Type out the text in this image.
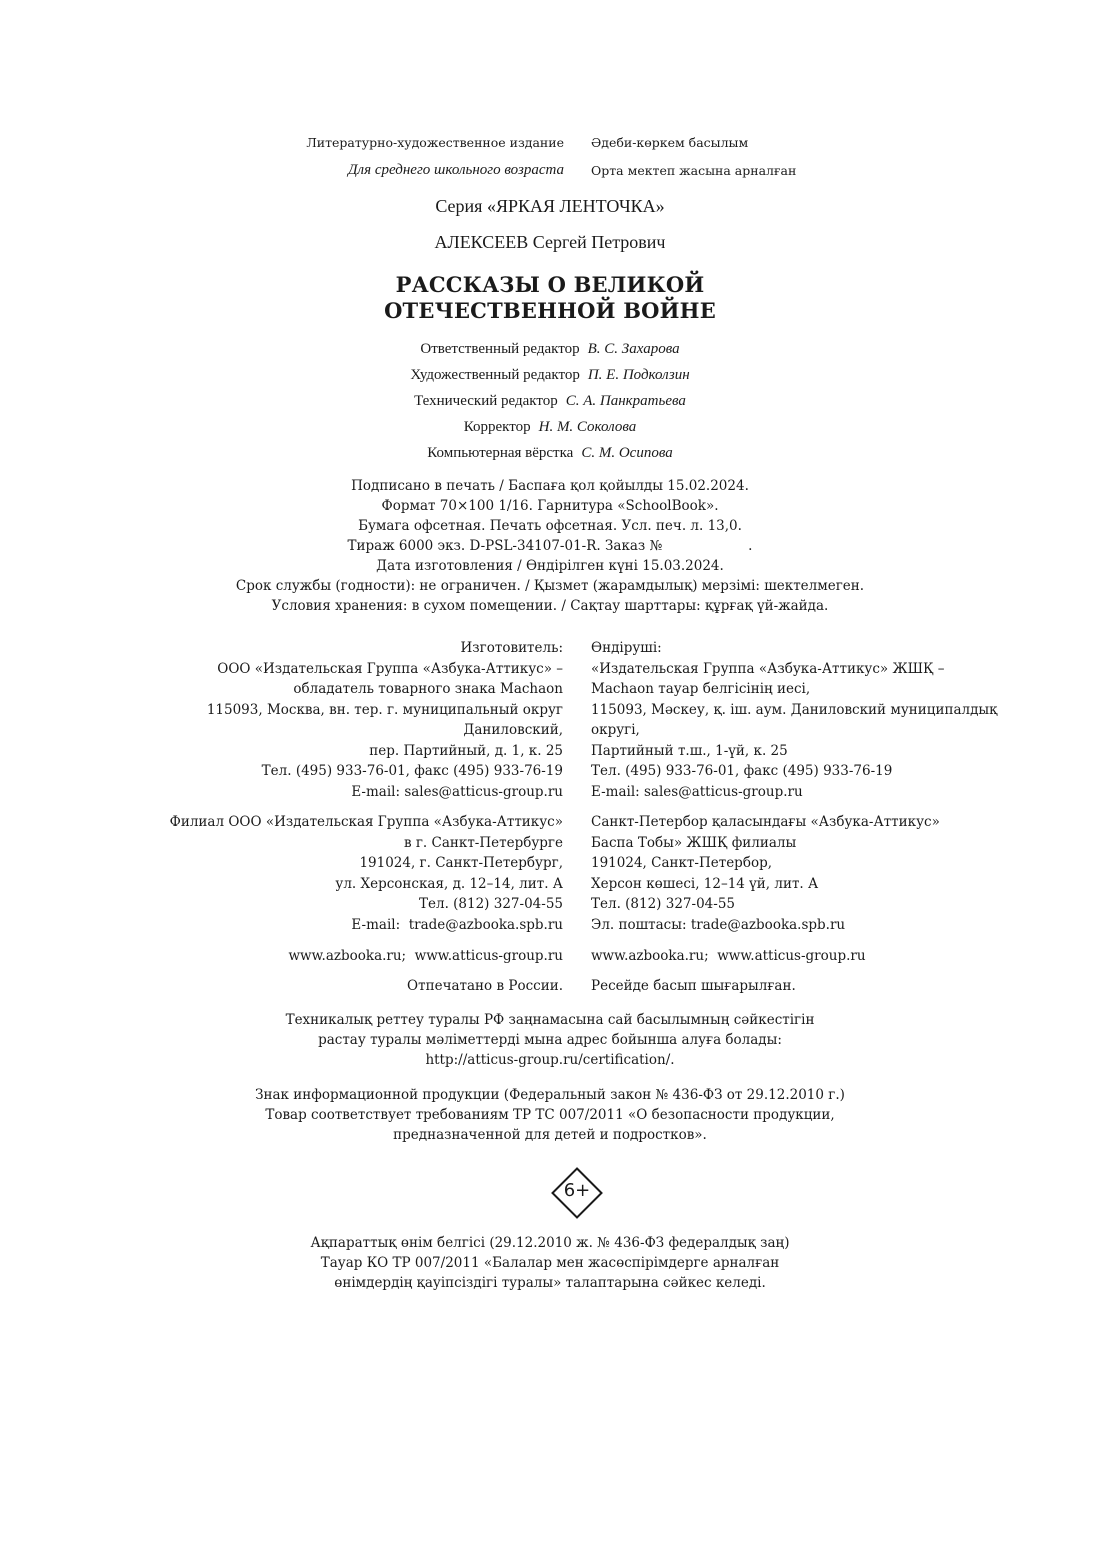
Литературно-художественное издание Әдеби-көркем басылым
Для среднего школьного возраста Орта мектеп жасына арналған
Серия «ЯРКАЯ ЛЕНТОЧКА»
АЛЕКСЕЕВ Сергей Петрович
РАССКАЗЫ О ВЕЛИКОЙ
ОТЕЧЕСТВЕННОЙ ВОЙНЕ
Ответственный редактор В. С. Захарова
Художественный редактор П. Е. Подколзин
Технический редактор С. А. Панкратьева
Корректор Н. М. Соколова
Компьютерная вёрстка С. М. Осипова
Подписано в печать / Баспаға қол қойылды 15.02.2024.
Формат 70×100 1/16. Гарнитура «SchoolBook».
Бумага офсетная. Печать офсетная. Усл. печ. л. 13,0.
Тираж 6000 экз. D-PSL-34107-01-R. Заказ №                    .
Дата изготовления / Өндірілген күні 15.03.2024.
Срок службы (годности): не ограничен. / Қызмет (жарамдылық) мерзімі: шектелмеген.
Условия хранения: в сухом помещении. / Сақтау шарттары: құрғақ үй-жайда.
Изготовитель:
ООО «Издательская Группа «Азбука-Аттикус» –
обладатель товарного знака Machaon
115093, Москва, вн. тер. г. муниципальный округ
Даниловский,
пер. Партийный, д. 1, к. 25
Тел. (495) 933-76-01, факс (495) 933-76-19
E-mail: sales@atticus-group.ru
Өндіруші:
«Издательская Группа «Азбука-Аттикус» ЖШҚ –
Machaon тауар белгісінің иесі,
115093, Мәскеу, қ. іш. аум. Даниловский муниципалдық
округі,
Партийный т.ш., 1-үй, к. 25
Тел. (495) 933-76-01, факс (495) 933-76-19
E-mail: sales@atticus-group.ru
Филиал ООО «Издательская Группа «Азбука-Аттикус»
в г. Санкт-Петербурге
191024, г. Санкт-Петербург,
ул. Херсонская, д. 12–14, лит. А
Тел. (812) 327-04-55
E-mail:  trade@azbooka.spb.ru
Санкт-Петербор қаласындағы «Азбука-Аттикус»
Баспа Тобы» ЖШҚ филиалы
191024, Санкт-Петербор,
Херсон көшесі, 12–14 үй, лит. А
Тел. (812) 327-04-55
Эл. поштасы: trade@azbooka.spb.ru
www.azbooka.ru;  www.atticus-group.ru www.azbooka.ru;  www.atticus-group.ru
Отпечатано в России. Ресейде басып шығарылған.
Техникалық реттеу туралы РФ заңнамасына сай басылымның сәйкестігін
растау туралы мәліметтерді мына адрес бойынша алуға болады:
http://atticus-group.ru/certification/.
Знак информационной продукции (Федеральный закон № 436-ФЗ от 29.12.2010 г.)
Товар соответствует требованиям ТР ТС 007/2011 «О безопасности продукции,
предназначенной для детей и подростков».
6+
Ақпараттық өнім белгісі (29.12.2010 ж. № 436-ФЗ федералдық заң)
Тауар КО ТР 007/2011 «Балалар мен жасөспірімдерге арналған
өнімдердің қауіпсіздігі туралы» талаптарына сәйкес келеді.
